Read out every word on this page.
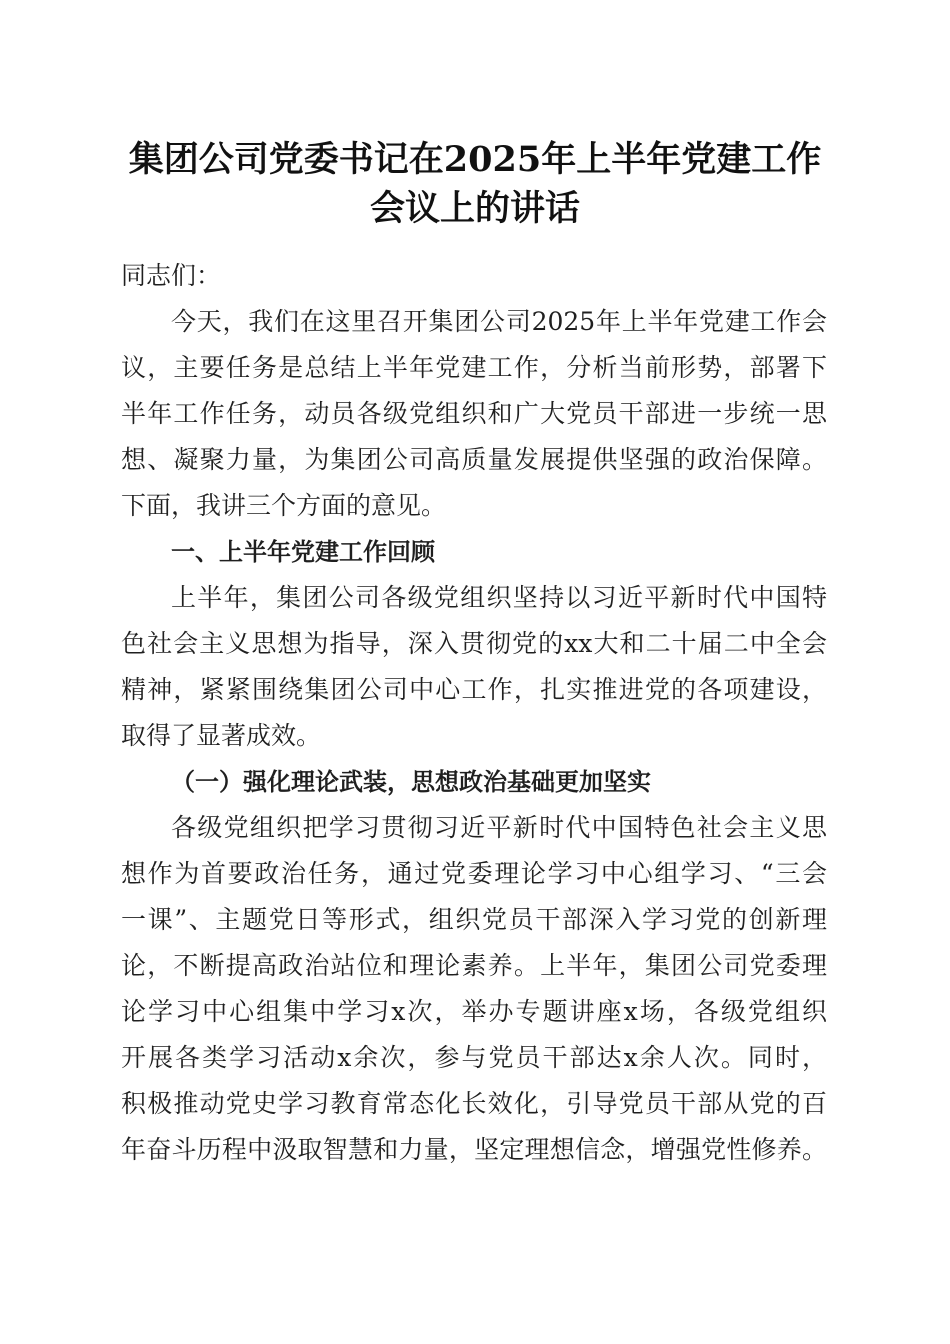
集团公司党委书记在2025年上半年党建工作
会议上的讲话
同志们：
今天，我们在这里召开集团公司2025年上半年党建工作会
议，主要任务是总结上半年党建工作，分析当前形势，部署下
半年工作任务，动员各级党组织和广大党员干部进一步统一思
想、凝聚力量，为集团公司高质量发展提供坚强的政治保障。
下面，我讲三个方面的意见。
一、上半年党建工作回顾
上半年，集团公司各级党组织坚持以习近平新时代中国特
色社会主义思想为指导，深入贯彻党的xx大和二十届二中全会
精神，紧紧围绕集团公司中心工作，扎实推进党的各项建设，
取得了显著成效。
（一）强化理论武装，思想政治基础更加坚实
各级党组织把学习贯彻习近平新时代中国特色社会主义思
想作为首要政治任务，通过党委理论学习中心组学习、“三会
一课”、主题党日等形式，组织党员干部深入学习党的创新理
论，不断提高政治站位和理论素养。上半年，集团公司党委理
论学习中心组集中学习x次，举办专题讲座x场，各级党组织
开展各类学习活动x余次，参与党员干部达x余人次。同时，
积极推动党史学习教育常态化长效化，引导党员干部从党的百
年奋斗历程中汲取智慧和力量，坚定理想信念，增强党性修养。
